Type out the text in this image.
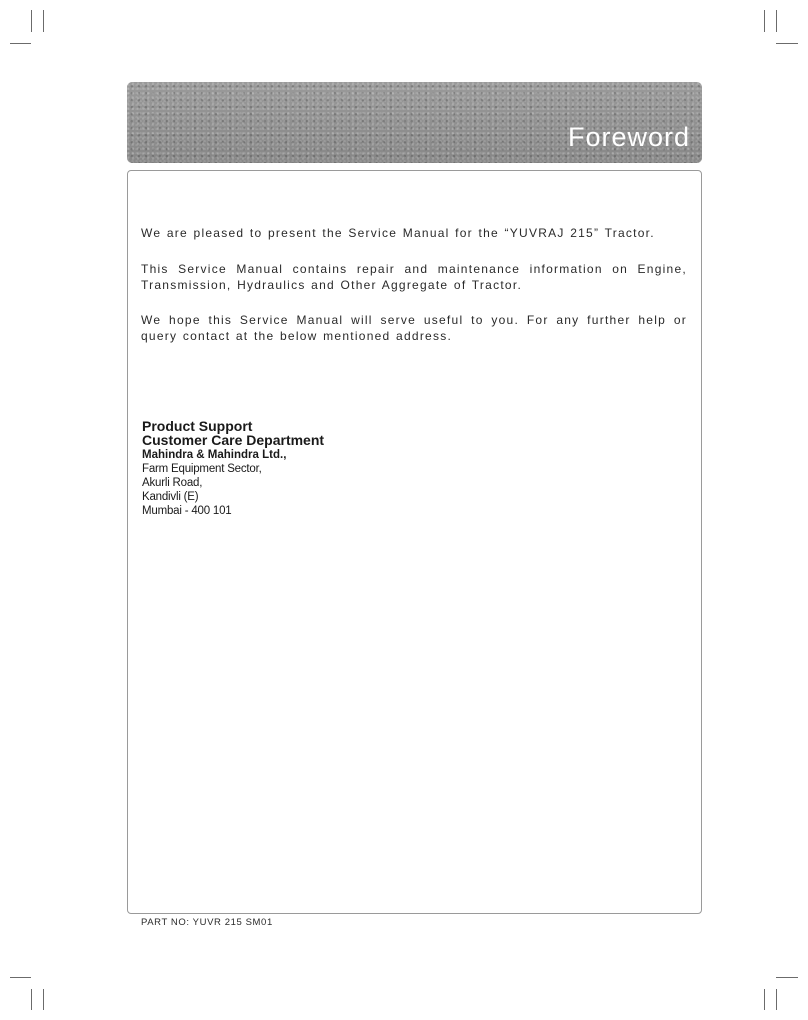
Foreword

We are pleased to present the Service Manual for the “YUVRAJ 215” Tractor.

This Service Manual contains repair and maintenance information on Engine, Transmission, Hydraulics and Other Aggregate of Tractor.

We hope this Service Manual will serve useful to you. For any further help or query contact at the below mentioned address.

Product Support
Customer Care Department
Mahindra & Mahindra Ltd.,
Farm Equipment Sector,
Akurli Road,
Kandivli (E)
Mumbai - 400 101

PART NO: YUVR 215 SM01
